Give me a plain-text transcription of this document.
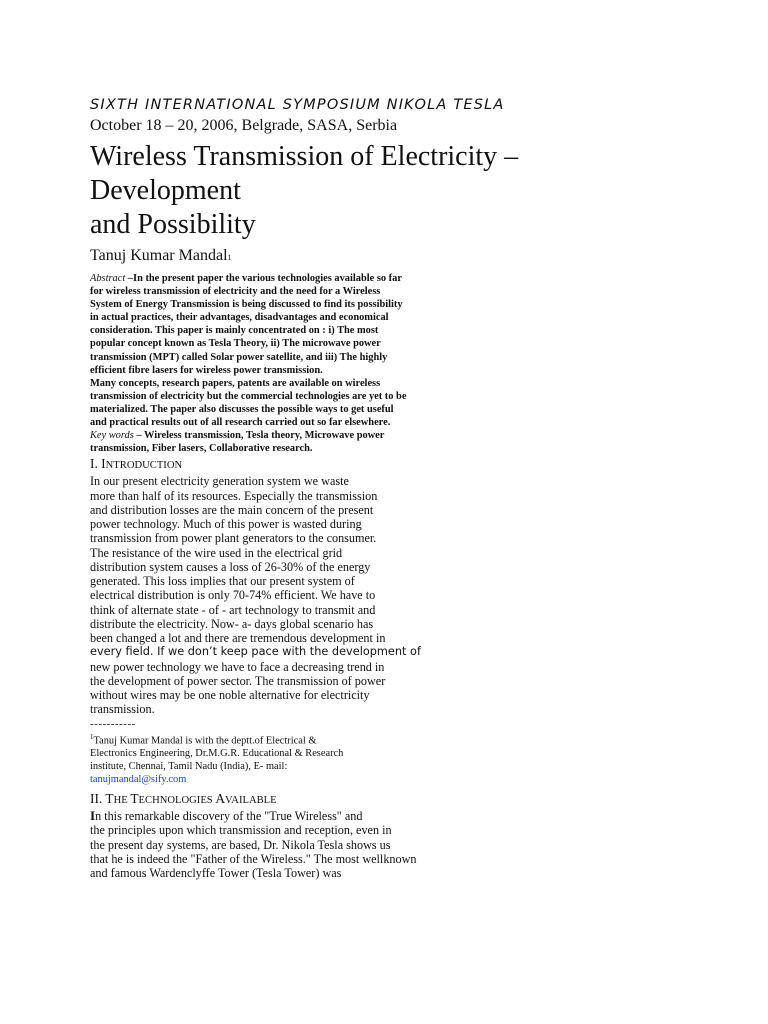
SIXTH INTERNATIONAL SYMPOSIUM NIKOLA TESLA
October 18 – 20, 2006, Belgrade, SASA, Serbia
Wireless Transmission of Electricity –
Development
and Possibility
Tanuj Kumar Mandal1

Abstract –In the present paper the various technologies available so far for wireless transmission of electricity and the need for a Wireless System of Energy Transmission is being discussed to find its possibility in actual practices, their advantages, disadvantages and economical consideration. This paper is mainly concentrated on : i) The most popular concept known as Tesla Theory, ii) The microwave power transmission (MPT) called Solar power satellite, and iii) The highly efficient fibre lasers for wireless power transmission.

Many concepts, research papers, patents are available on wireless transmission of electricity but the commercial technologies are yet to be materialized. The paper also discusses the possible ways to get useful and practical results out of all research carried out so far elsewhere.

Key words – Wireless transmission, Tesla theory, Microwave power transmission, Fiber lasers, Collaborative research.

I. INTRODUCTION
In our present electricity generation system we waste
more than half of its resources. Especially the transmission
and distribution losses are the main concern of the present
power technology. Much of this power is wasted during
transmission from power plant generators to the consumer.
The resistance of the wire used in the electrical grid
distribution system causes a loss of 26-30% of the energy
generated. This loss implies that our present system of
electrical distribution is only 70-74% efficient. We have to
think of alternate state - of - art technology to transmit and
distribute the electricity. Now- a- days global scenario has
been changed a lot and there are tremendous development in
every field. If we don’t keep pace with the development of
new power technology we have to face a decreasing trend in
the development of power sector. The transmission of power
without wires may be one noble alternative for electricity
transmission.
-----------
$^1$Tanuj Kumar Mandal is with the deptt.of Electrical &
Electronics Engineering, Dr.M.G.R. Educational & Research
institute, Chennai, Tamil Nadu (India), E- mail:
tanujmandal@sify.com
II. THE TECHNOLOGIES AVAILABLE
In this remarkable discovery of the "True Wireless" and
the principles upon which transmission and reception, even in
the present day systems, are based, Dr. Nikola Tesla shows us
that he is indeed the "Father of the Wireless." The most wellknown
and famous Wardenclyffe Tower (Tesla Tower) was
